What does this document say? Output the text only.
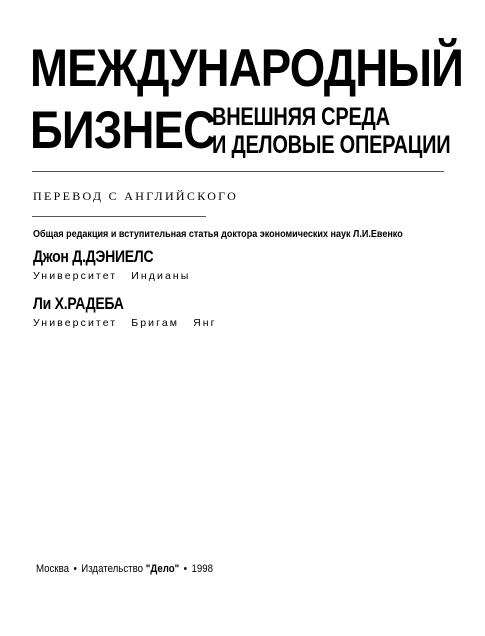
МЕЖДУНАРОДНЫЙ
БИЗНЕС
ВНЕШНЯЯ СРЕДА
И ДЕЛОВЫЕ ОПЕРАЦИИ
ПЕРЕВОД С АНГЛИЙСКОГО
Общая редакция и вступительная статья доктора экономических наук Л.И.Евенко
Джон Д.ДЭНИЕЛС
Университет Индианы
Ли Х.РАДЕБА
Университет Бригам Янг
Москва • Издательство "Дело" • 1998
